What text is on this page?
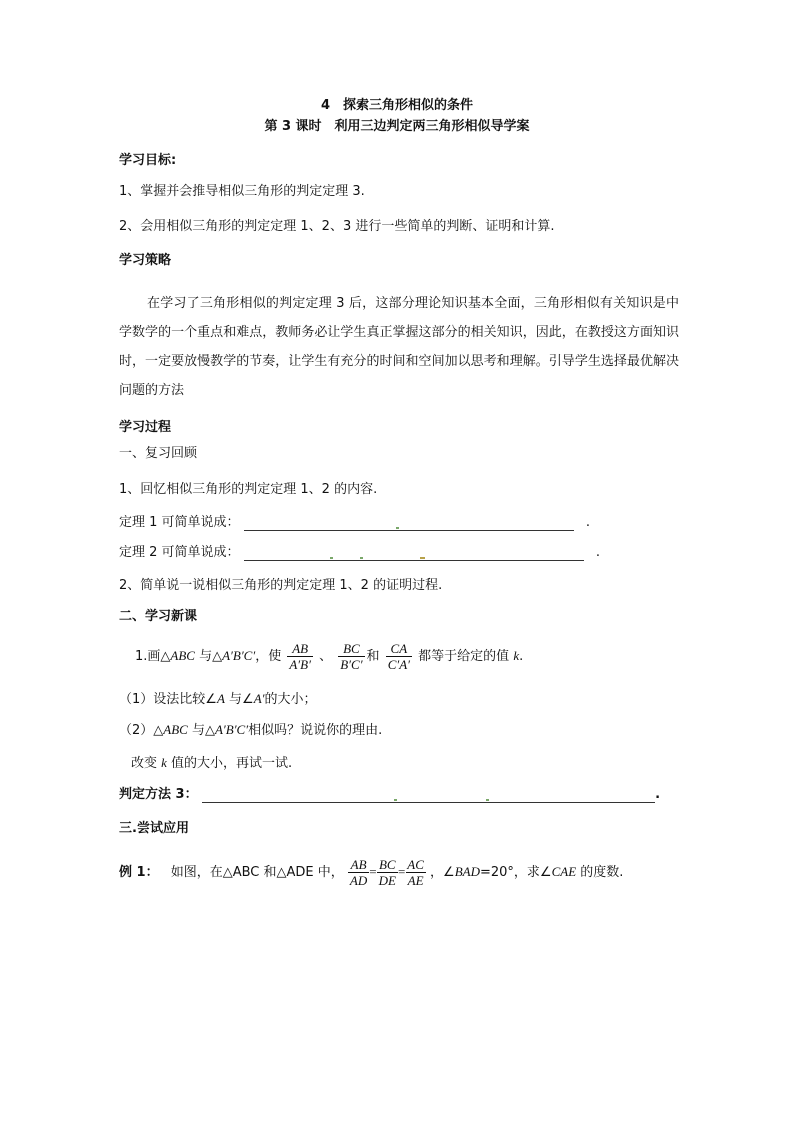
4　探索三角形相似的条件
第 3 课时　利用三边判定两三角形相似导学案
学习目标:
1、掌握并会推导相似三角形的判定定理 3.
2、会用相似三角形的判定定理 1、2、3 进行一些简单的判断、证明和计算.
学习策略
在学习了三角形相似的判定定理 3 后，这部分理论知识基本全面，三角形相似有关知识是中学数学的一个重点和难点，教师务必让学生真正掌握这部分的相关知识，因此，在教授这方面知识时，一定要放慢教学的节奏，让学生有充分的时间和空间加以思考和理解。引导学生选择最优解决问题的方法
学习过程
一、复习回顾
1、回忆相似三角形的判定定理 1、2 的内容.
定理 1 可简单说成：	.
定理 2 可简单说成：	.
2、简单说一说相似三角形的判定定理 1、2 的证明过程.
二、学习新课
1.画△ABC 与△A′B′C′，使 $\frac{AB}{A'B'}$ 、 $\frac{BC}{B'C'}$ 和 $\frac{CA}{C'A'}$ 都等于给定的值 k.
（1）设法比较∠A 与∠A′的大小；
（2）△ABC 与△A′B′C′相似吗？说说你的理由.
改变 k 值的大小，再试一试.
判定方法 3：	.
三.尝试应用
例 1： 如图，在△ABC 和△ADE 中， $\frac{AB}{AD} = \frac{BC}{DE} = \frac{AC}{AE}$ ，∠BAD=20°，求∠CAE 的度数.
